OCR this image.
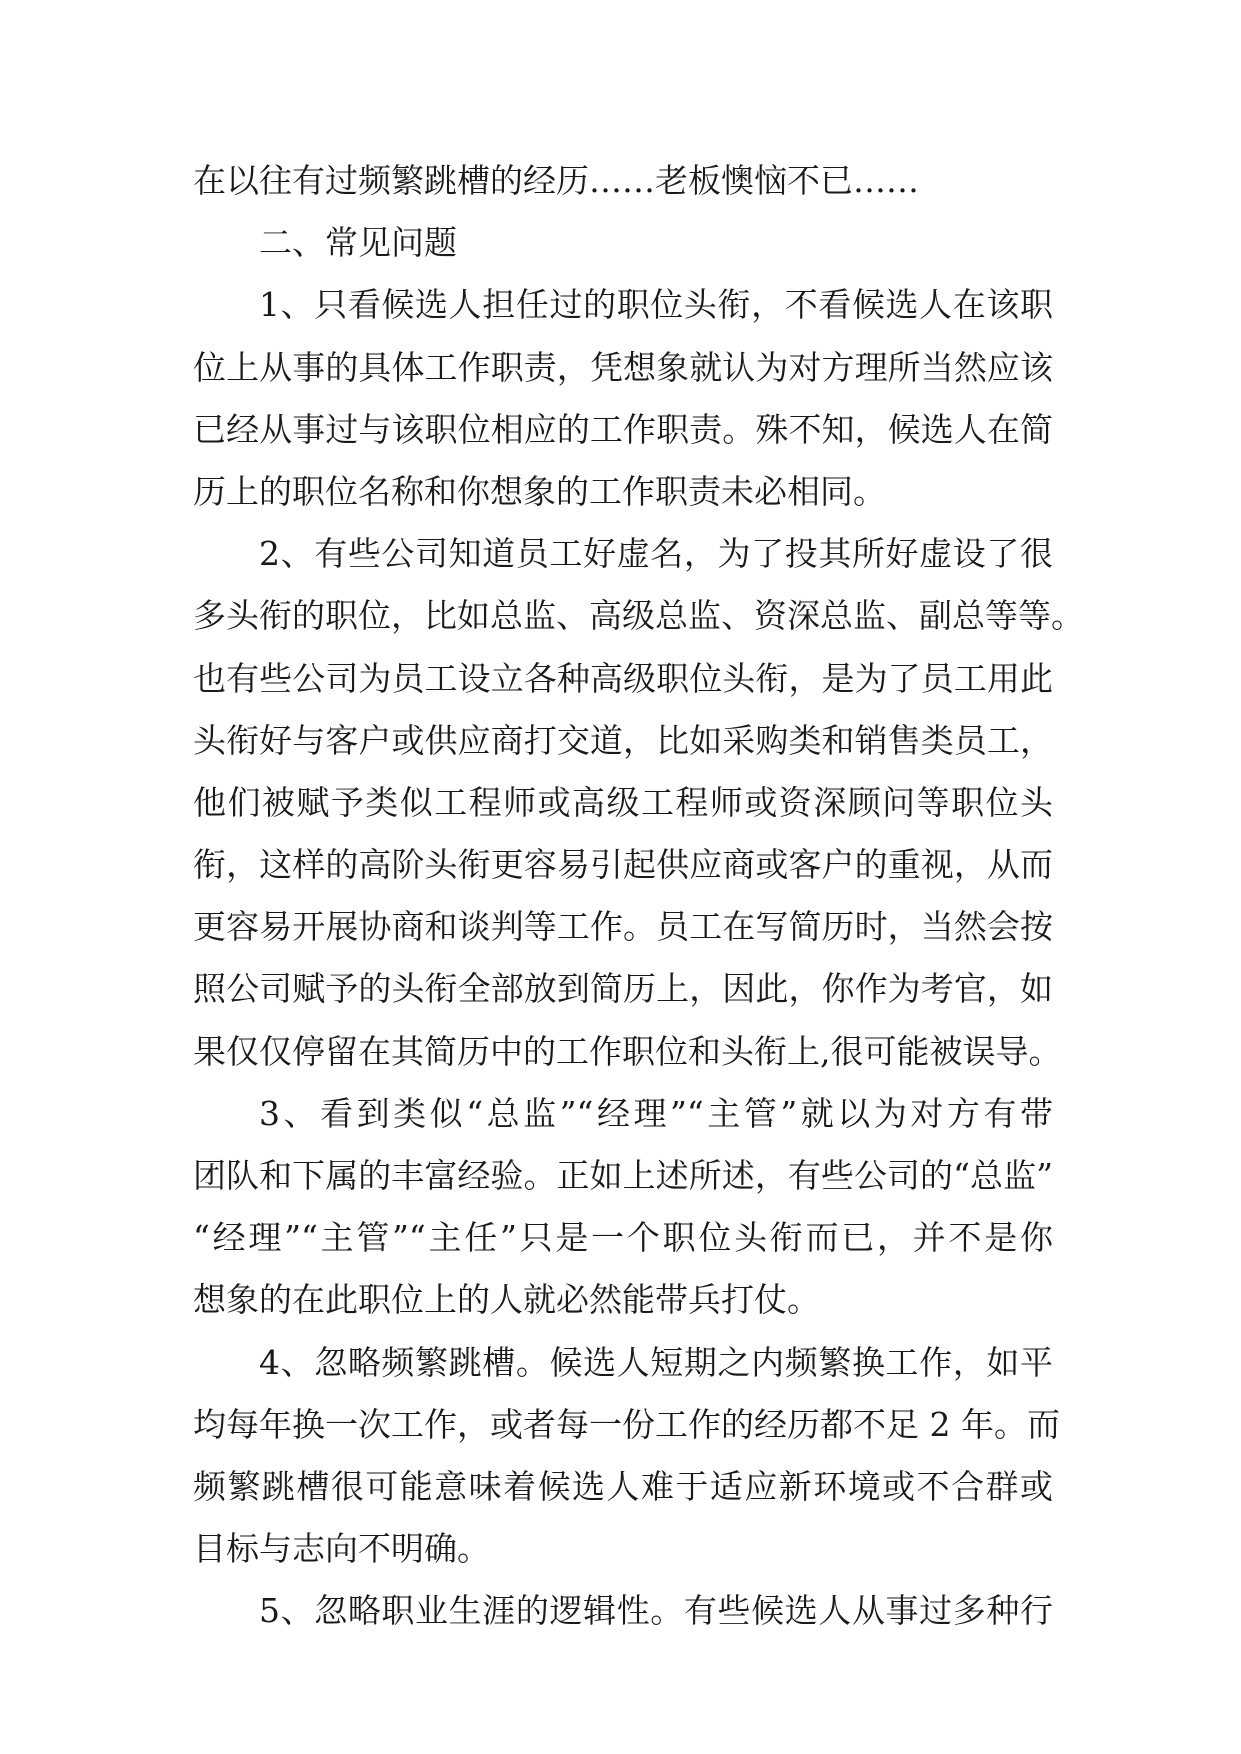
在以往有过频繁跳槽的经历……老板懊恼不已……
二、常见问题
1、只看候选人担任过的职位头衔，不看候选人在该职
位上从事的具体工作职责，凭想象就认为对方理所当然应该
已经从事过与该职位相应的工作职责。殊不知，候选人在简
历上的职位名称和你想象的工作职责未必相同。
2、有些公司知道员工好虚名，为了投其所好虚设了很
多头衔的职位，比如总监、高级总监、资深总监、副总等等。
也有些公司为员工设立各种高级职位头衔，是为了员工用此
头衔好与客户或供应商打交道，比如采购类和销售类员工，
他们被赋予类似工程师或高级工程师或资深顾问等职位头
衔，这样的高阶头衔更容易引起供应商或客户的重视，从而
更容易开展协商和谈判等工作。员工在写简历时，当然会按
照公司赋予的头衔全部放到简历上，因此，你作为考官，如
果仅仅停留在其简历中的工作职位和头衔上,很可能被误导。
3、看到类似“总监”“经理”“主管”就以为对方有带
团队和下属的丰富经验。正如上述所述，有些公司的“总监”
“经理”“主管”“主任”只是一个职位头衔而已，并不是你
想象的在此职位上的人就必然能带兵打仗。
4、忽略频繁跳槽。候选人短期之内频繁换工作，如平
均每年换一次工作，或者每一份工作的经历都不足 2 年。而
频繁跳槽很可能意味着候选人难于适应新环境或不合群或
目标与志向不明确。
5、忽略职业生涯的逻辑性。有些候选人从事过多种行
